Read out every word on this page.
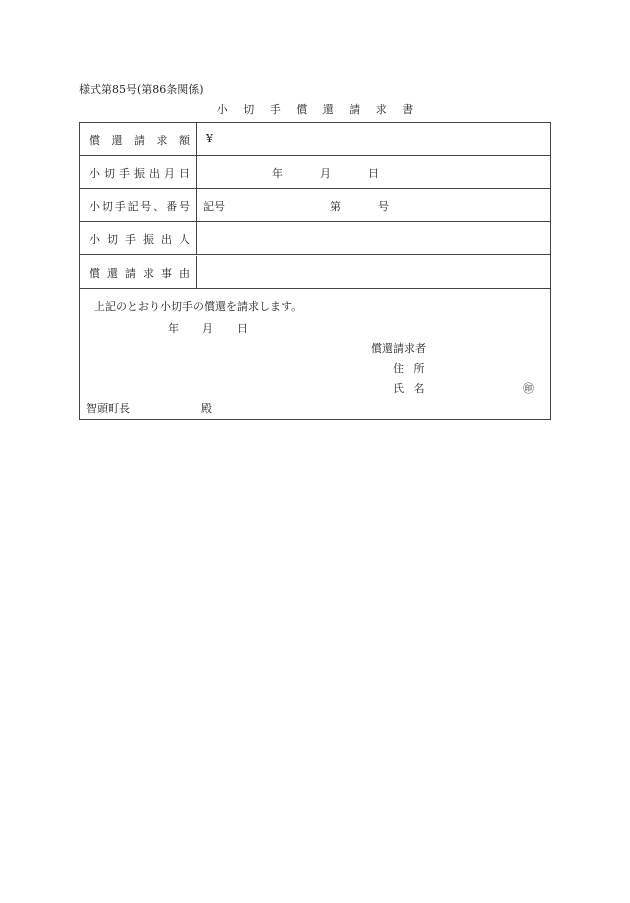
様式第85号(第86条関係)
小 切 手 償 還 請 求 書
償還請求額 ¥
小切手振出月日	年	月	日
小切手記号、番号 記号	第	号
小切手振出人
償還請求事由
上記のとおり小切手の償還を請求します。
年 月 日
償還請求者
住 所
氏 名	㊞
智頭町長	殿
